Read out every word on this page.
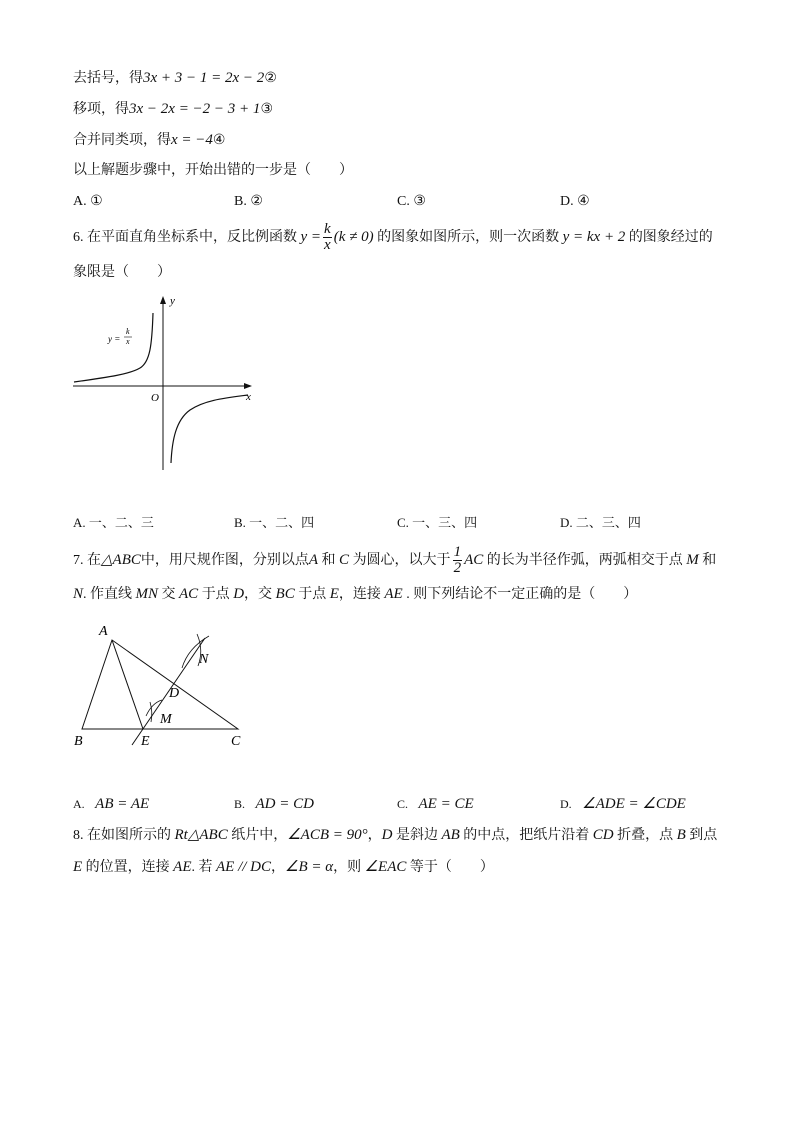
去括号，得3x + 3 − 1 = 2x − 2②
移项，得3x − 2x = −2 − 3 + 1③
合并同类项，得x = −4④
以上解题步骤中，开始出错的一步是（　　）
A. ①	B. ②	C. ③	D. ④
6. 在平面直角坐标系中，反比例函数 $y = \frac{k}{x} (k \ne 0)$ 的图象如图所示，则一次函数 y = kx + 2 的图象经过的
象限是（　　）
y =
k
x
O	x
y
A. 一、二、三	B. 一、二、四	C. 一、三、四	D. 二、三、四
7. 在△ABC中，用尺规作图，分别以点A 和 C 为圆心，以大于 $\frac{1}{2}$ AC 的长为半径作弧，两弧相交于点 M 和
N. 作直线 MN 交 AC 于点 D，交 BC 于点 E，连接 AE . 则下列结论不一定正确的是（　　）
A
B	C
D
E
M
N
A. AB = AE	B. AD = CD	C. AE = CE	D. ∠ADE = ∠CDE
8. 在如图所示的 Rt△ABC 纸片中，∠ACB = 90°，D 是斜边 AB 的中点，把纸片沿着 CD 折叠，点 B 到点
E 的位置，连接 AE. 若 AE // DC，∠B = α，则 ∠EAC 等于（　　）
